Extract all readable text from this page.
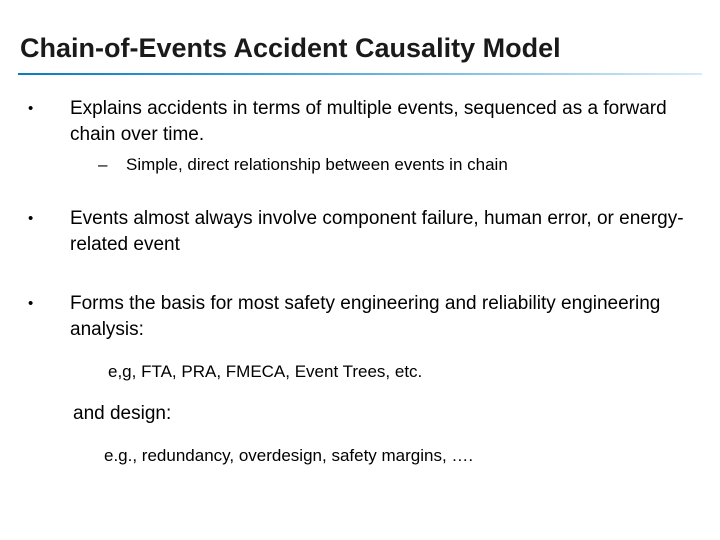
Chain-of-Events Accident Causality Model
•	Explains accidents in terms of multiple events, sequenced as a forward chain over time.
–	Simple, direct relationship between events in chain
•	Events almost always involve component failure, human error, or energy-related event
•	Forms the basis for most safety engineering and reliability engineering analysis:
e,g, FTA, PRA, FMECA, Event Trees, etc.
and design:
e.g., redundancy, overdesign, safety margins, ….
